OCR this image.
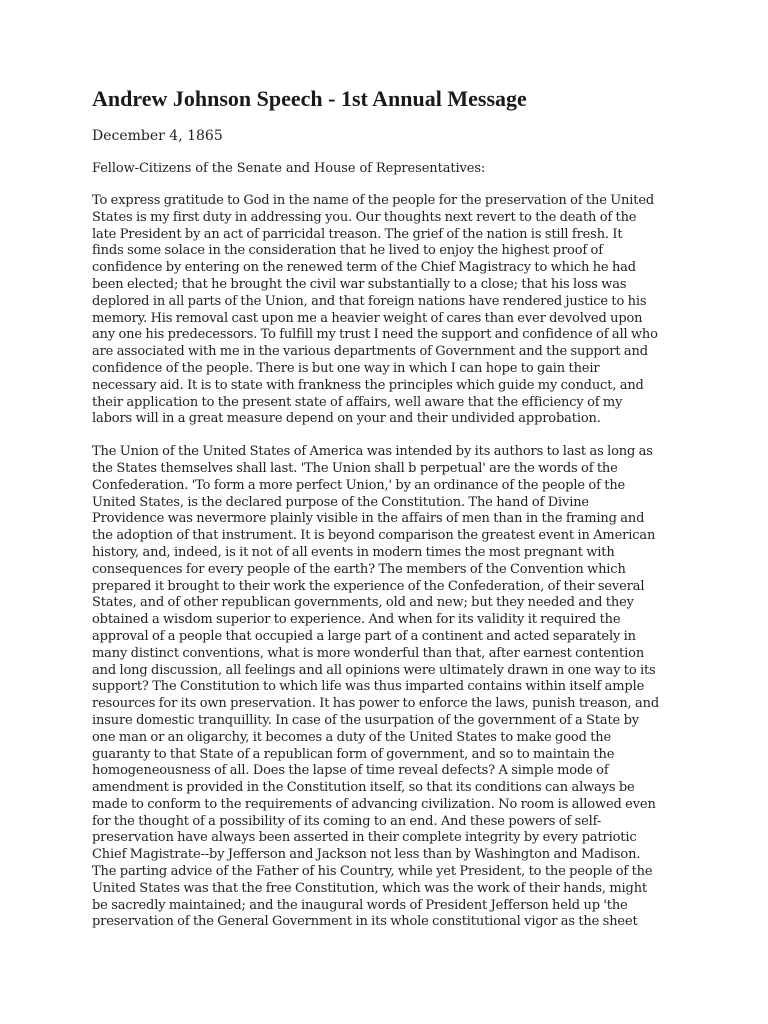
Andrew Johnson Speech - 1st Annual Message
December 4, 1865
Fellow-Citizens of the Senate and House of Representatives:

To express gratitude to God in the name of the people for the preservation of the United
States is my first duty in addressing you. Our thoughts next revert to the death of the
late President by an act of parricidal treason. The grief of the nation is still fresh. It
finds some solace in the consideration that he lived to enjoy the highest proof of
confidence by entering on the renewed term of the Chief Magistracy to which he had
been elected; that he brought the civil war substantially to a close; that his loss was
deplored in all parts of the Union, and that foreign nations have rendered justice to his
memory. His removal cast upon me a heavier weight of cares than ever devolved upon
any one his predecessors. To fulfill my trust I need the support and confidence of all who
are associated with me in the various departments of Government and the support and
confidence of the people. There is but one way in which I can hope to gain their
necessary aid. It is to state with frankness the principles which guide my conduct, and
their application to the present state of affairs, well aware that the efficiency of my
labors will in a great measure depend on your and their undivided approbation.

The Union of the United States of America was intended by its authors to last as long as
the States themselves shall last. 'The Union shall b perpetual' are the words of the
Confederation. 'To form a more perfect Union,' by an ordinance of the people of the
United States, is the declared purpose of the Constitution. The hand of Divine
Providence was nevermore plainly visible in the affairs of men than in the framing and
the adoption of that instrument. It is beyond comparison the greatest event in American
history, and, indeed, is it not of all events in modern times the most pregnant with
consequences for every people of the earth? The members of the Convention which
prepared it brought to their work the experience of the Confederation, of their several
States, and of other republican governments, old and new; but they needed and they
obtained a wisdom superior to experience. And when for its validity it required the
approval of a people that occupied a large part of a continent and acted separately in
many distinct conventions, what is more wonderful than that, after earnest contention
and long discussion, all feelings and all opinions were ultimately drawn in one way to its
support? The Constitution to which life was thus imparted contains within itself ample
resources for its own preservation. It has power to enforce the laws, punish treason, and
insure domestic tranquillity. In case of the usurpation of the government of a State by
one man or an oligarchy, it becomes a duty of the United States to make good the
guaranty to that State of a republican form of government, and so to maintain the
homogeneousness of all. Does the lapse of time reveal defects? A simple mode of
amendment is provided in the Constitution itself, so that its conditions can always be
made to conform to the requirements of advancing civilization. No room is allowed even
for the thought of a possibility of its coming to an end. And these powers of self-
preservation have always been asserted in their complete integrity by every patriotic
Chief Magistrate--by Jefferson and Jackson not less than by Washington and Madison.
The parting advice of the Father of his Country, while yet President, to the people of the
United States was that the free Constitution, which was the work of their hands, might
be sacredly maintained; and the inaugural words of President Jefferson held up 'the
preservation of the General Government in its whole constitutional vigor as the sheet
